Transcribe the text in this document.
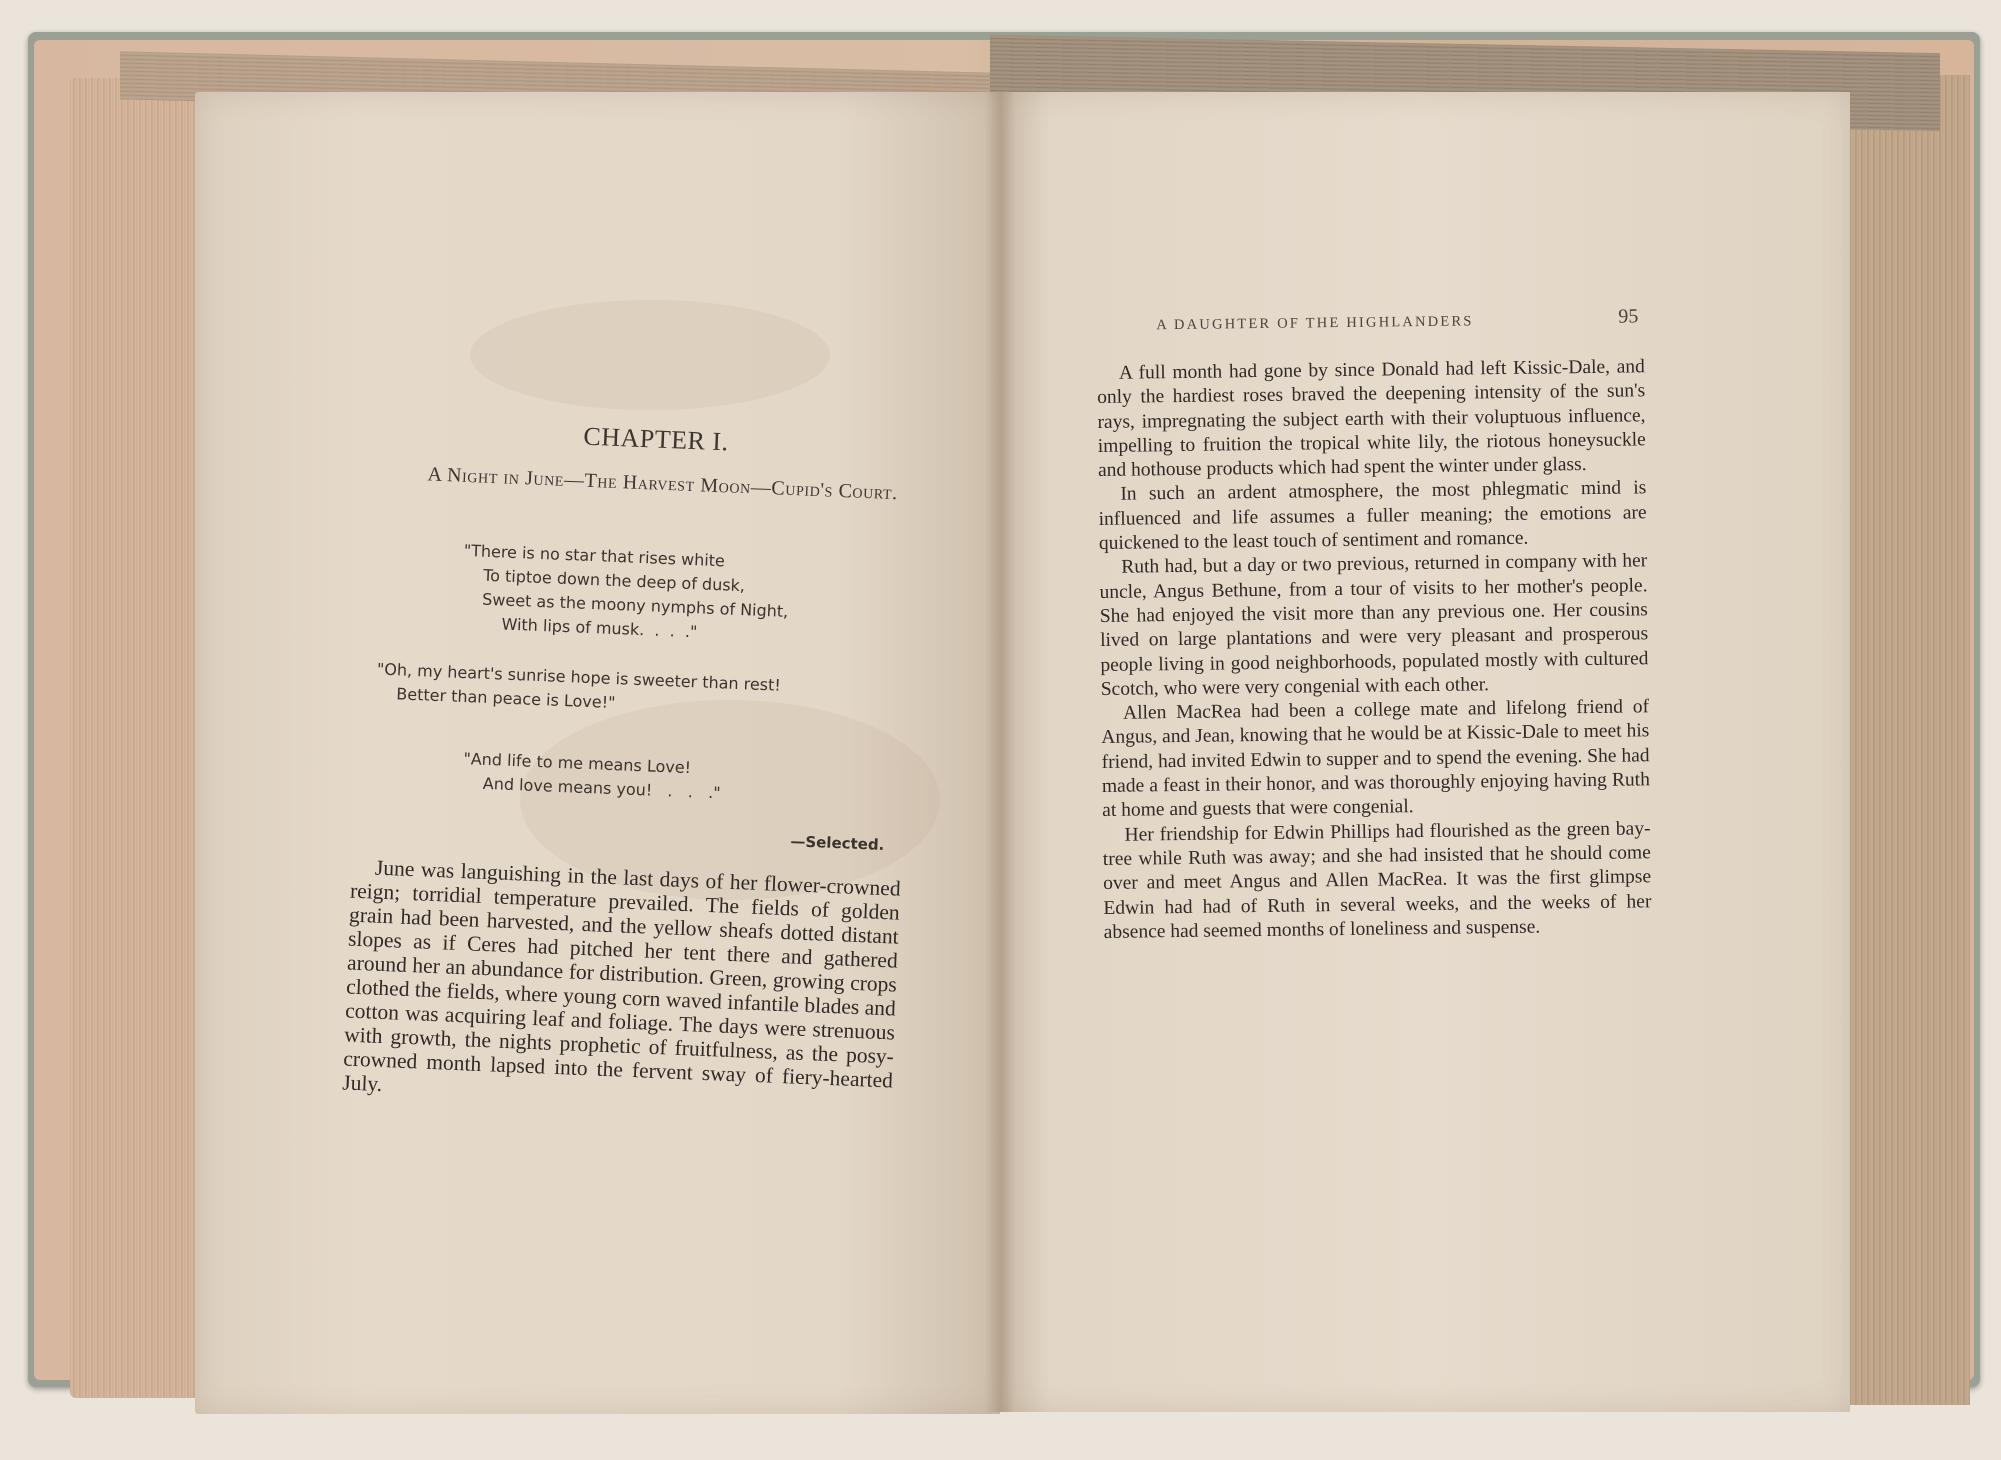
CHAPTER I.
A Night in June—The Harvest Moon—Cupid's Court.
"There is no star that rises white
To tiptoe down the deep of dusk,
Sweet as the moony nymphs of Night,
With lips of musk.  .  .  ."
"Oh, my heart's sunrise hope is sweeter than rest!
Better than peace is Love!"
"And life to me means Love!
And love means you!   .   .   ."
—Selected.

June was languishing in the last days of her flower-crowned reign; torridial temperature prevailed. The fields of golden grain had been harvested, and the yellow sheafs dotted distant slopes as if Ceres had pitched her tent there and gathered around her an abundance for distribution. Green, growing crops clothed the fields, where young corn waved infantile blades and cotton was acquiring leaf and foliage. The days were strenuous with growth, the nights prophetic of fruitfulness, as the posy-crowned month lapsed into the fervent sway of fiery-hearted July.

A DAUGHTER OF THE HIGHLANDERS	95

A full month had gone by since Donald had left Kissic-Dale, and only the hardiest roses braved the deepening intensity of the sun's rays, impregnating the subject earth with their voluptuous influence, impelling to fruition the tropical white lily, the riotous honeysuckle and hothouse products which had spent the winter under glass.

In such an ardent atmosphere, the most phlegmatic mind is influenced and life assumes a fuller meaning; the emotions are quickened to the least touch of sentiment and romance.

Ruth had, but a day or two previous, returned in company with her uncle, Angus Bethune, from a tour of visits to her mother's people. She had enjoyed the visit more than any previous one. Her cousins lived on large plantations and were very pleasant and prosperous people living in good neighborhoods, populated mostly with cultured Scotch, who were very congenial with each other.

Allen MacRea had been a college mate and lifelong friend of Angus, and Jean, knowing that he would be at Kissic-Dale to meet his friend, had invited Edwin to supper and to spend the evening. She had made a feast in their honor, and was thoroughly enjoying having Ruth at home and guests that were congenial.

Her friendship for Edwin Phillips had flourished as the green bay-tree while Ruth was away; and she had insisted that he should come over and meet Angus and Allen MacRea. It was the first glimpse Edwin had had of Ruth in several weeks, and the weeks of her absence had seemed months of loneliness and suspense.
